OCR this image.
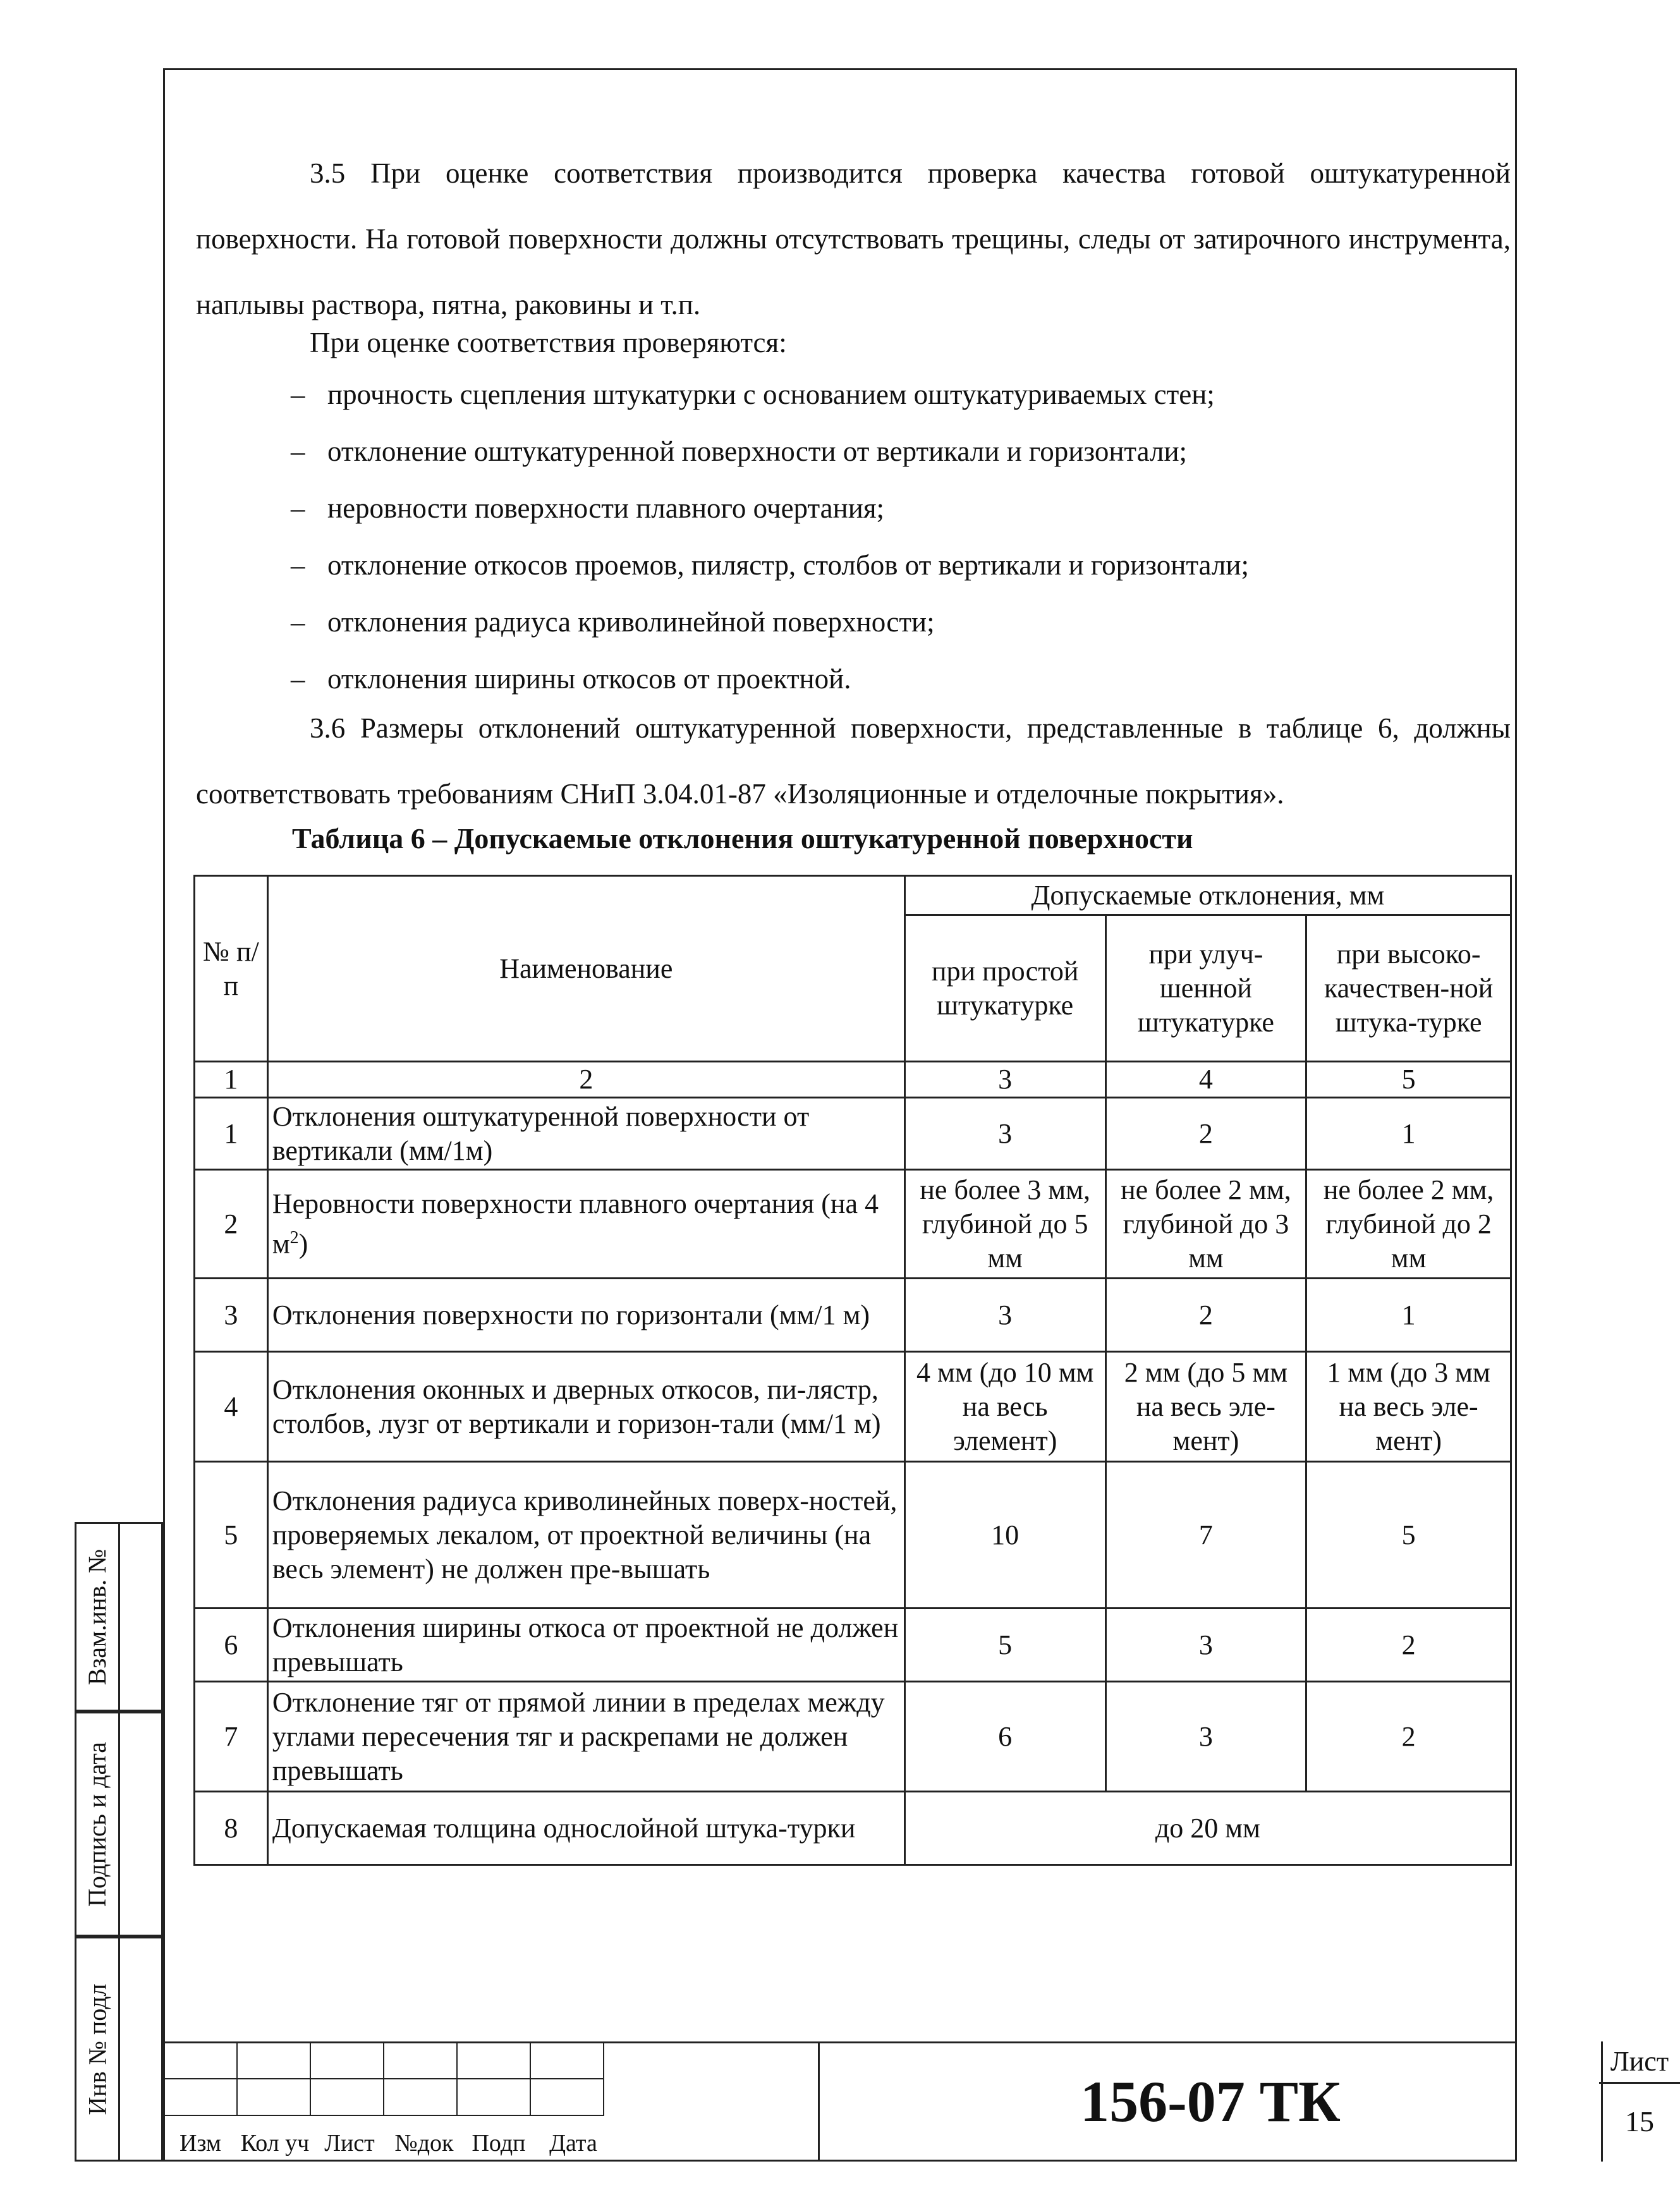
3.5 При оценке соответствия производится проверка качества готовой оштукатуренной поверхности. На готовой поверхности должны отсутствовать трещины, следы от затирочного инструмента, наплывы раствора, пятна, раковины и т.п.

При оценке соответствия проверяются:

– прочность сцепления штукатурки с основанием оштукатуриваемых стен;
– отклонение оштукатуренной поверхности от вертикали и горизонтали;
– неровности поверхности плавного очертания;
– отклонение откосов проемов, пилястр, столбов от вертикали и горизонтали;
– отклонения радиуса криволинейной поверхности;
– отклонения ширины откосов от проектной.

3.6 Размеры отклонений оштукатуренной поверхности, представленные в таблице 6, должны соответствовать требованиям СНиП 3.04.01-87 «Изоляционные и отделочные покрытия».

Таблица 6 – Допускаемые отклонения оштукатуренной поверхности
№ п/п	Наименование	Допускаемые отклонения, мм		
		при простой штукатурке	при улуч-шенной штукатурке	при высоко-качествен-ной штука-турке
1	2	3	4	5
1	Отклонения оштукатуренной поверхности от вертикали (мм/1м)	3	2	1
2	Неровности поверхности плавного очертания (на 4 $м^2$)	не более 3 мм, глубиной до 5 мм	не более 2 мм, глубиной до 3 мм	не более 2 мм, глубиной до 2 мм
3	Отклонения поверхности по горизонтали (мм/1 м)	3	2	1
4	Отклонения оконных и дверных откосов, пи-лястр, столбов, лузг от вертикали и горизон-тали (мм/1 м)	4 мм (до 10 мм на весь элемент)	2 мм (до 5 мм на весь эле-мент)	1 мм (до 3 мм на весь эле-мент)
5	Отклонения радиуса криволинейных поверх-ностей, проверяемых лекалом, от проектной величины (на весь элемент) не должен пре-вышать	10	7	5
6	Отклонения ширины откоса от проектной не должен превышать	5	3	2
7	Отклонение тяг от прямой линии в пределах между углами пересечения тяг и раскрепами не должен превышать	6	3	2
8	Допускаемая толщина однослойной штука-турки	до 20 мм		
Взам.инв. №
Подпись и дата
Инв № подл

Изм Кол уч Лист №док Подп Дата
156-07 ТК
Лист
15
